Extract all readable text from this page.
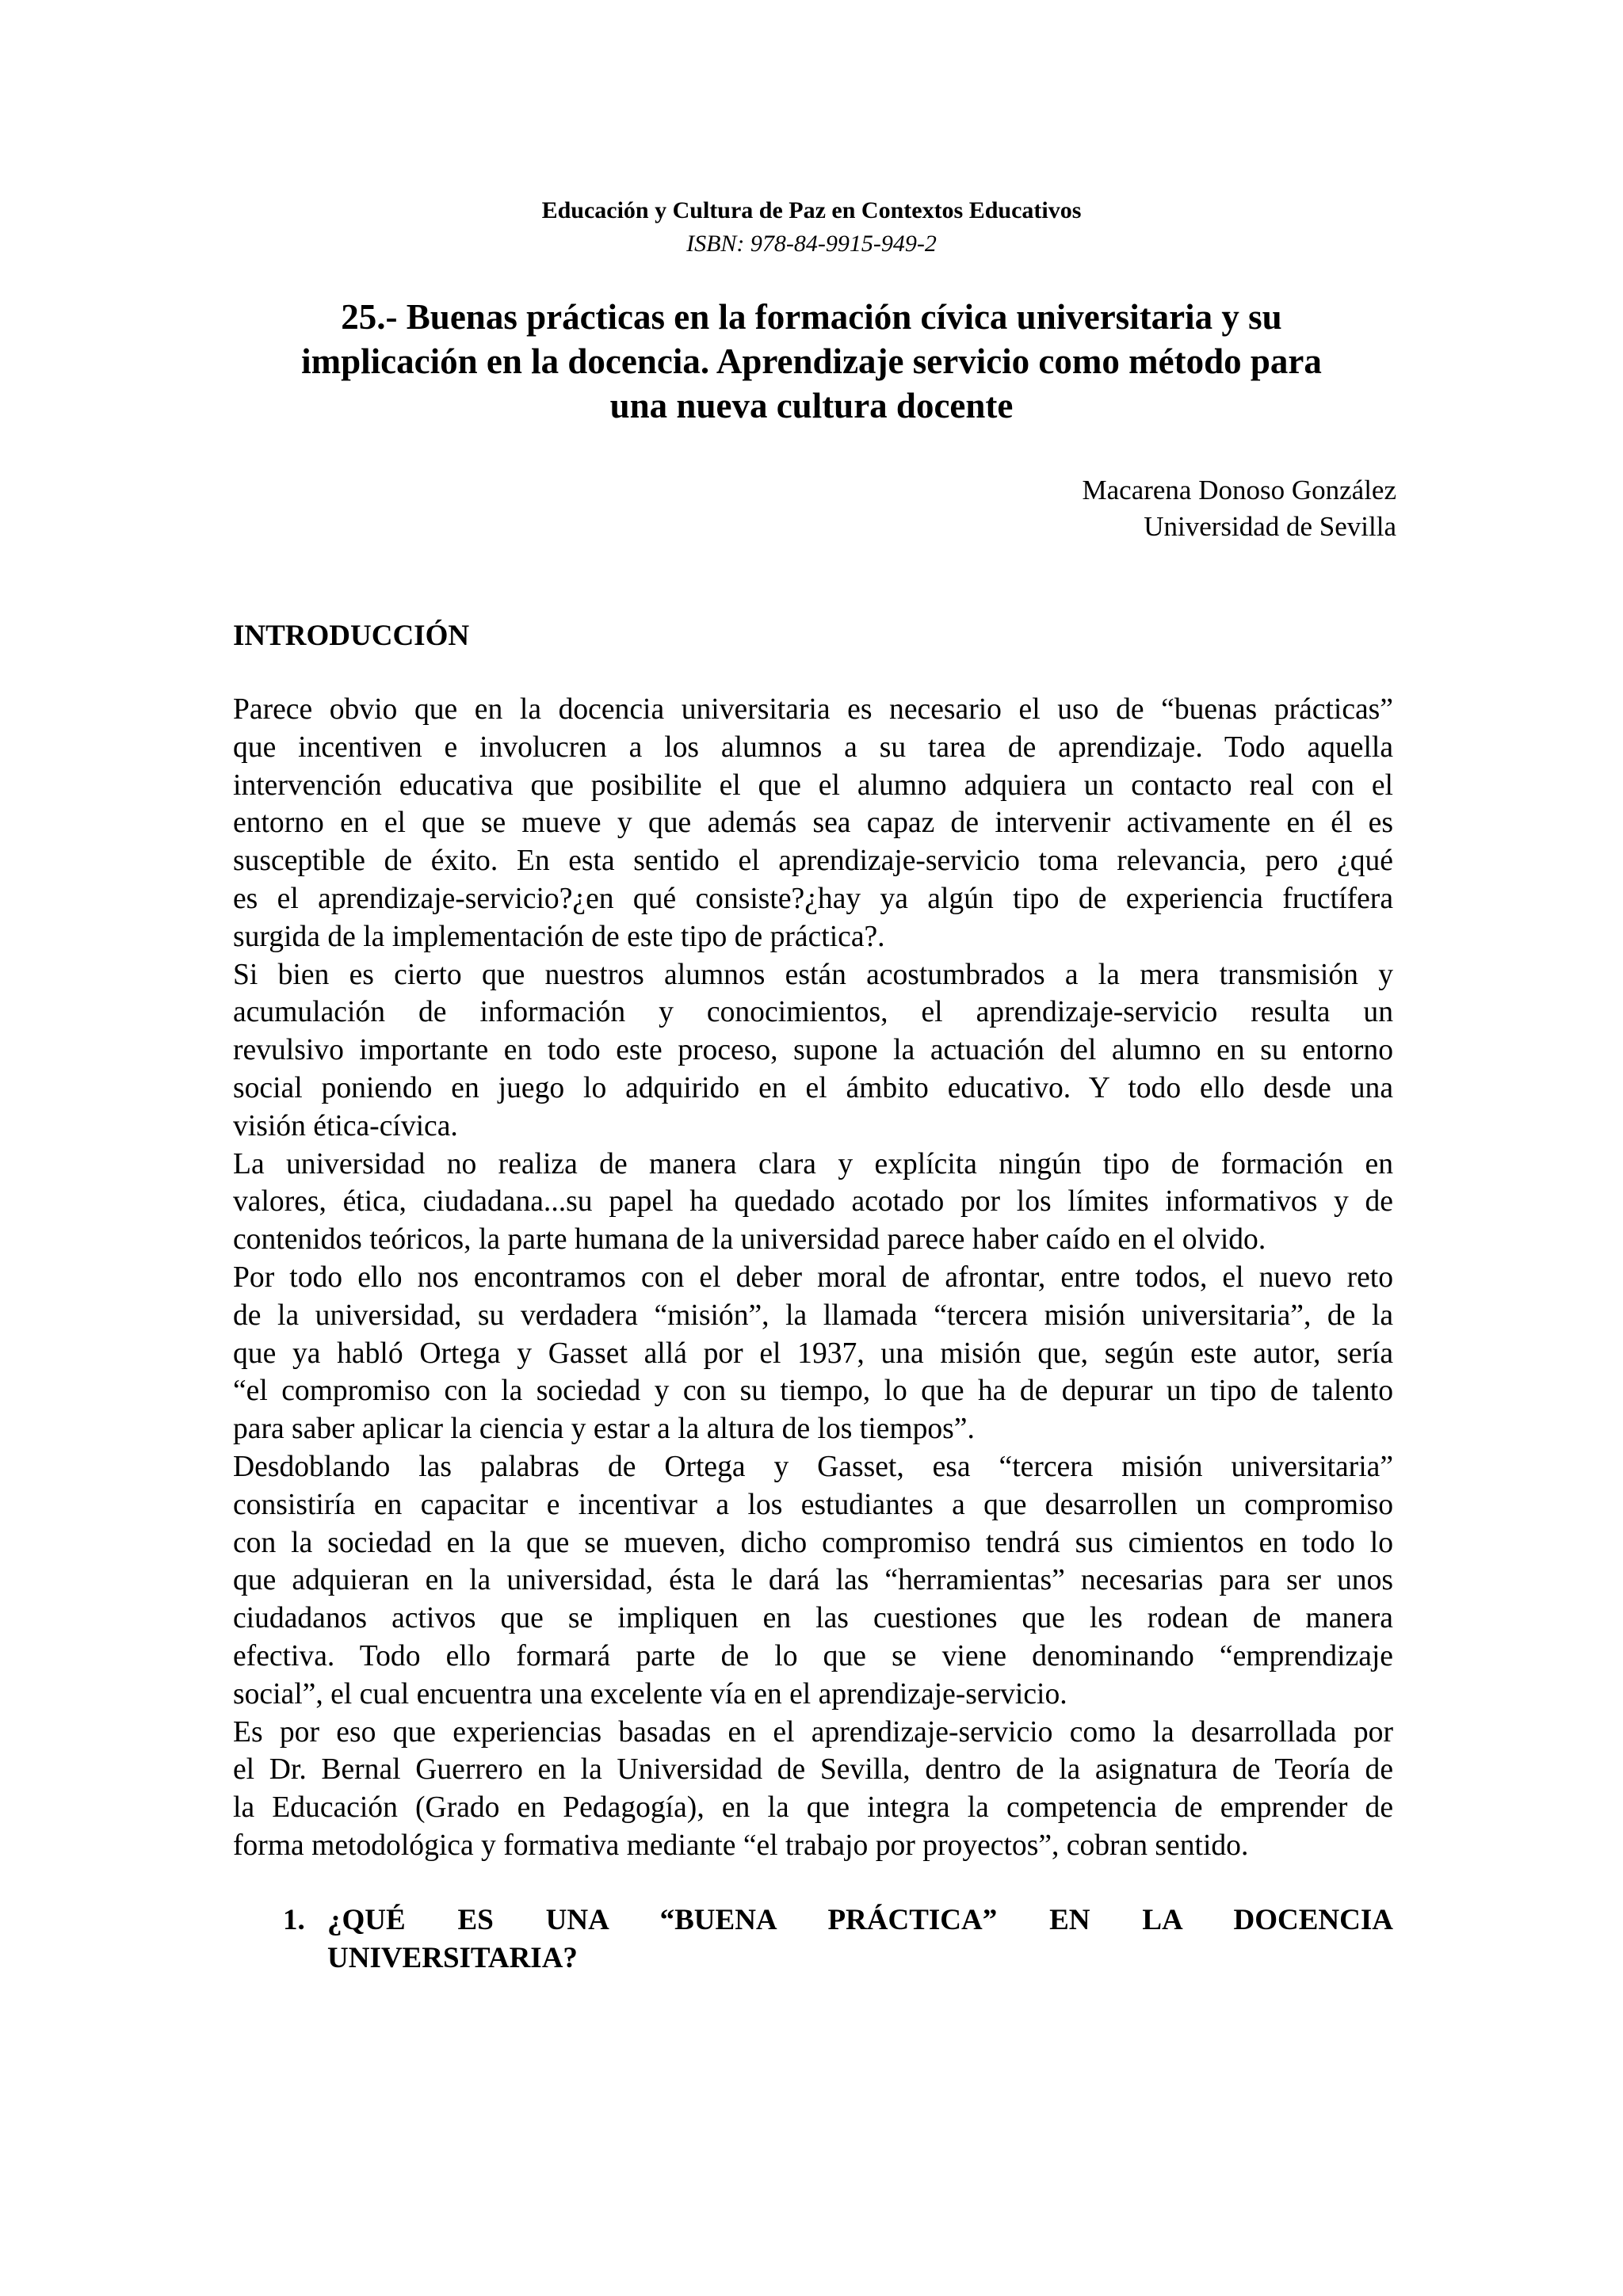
Educación y Cultura de Paz en Contextos Educativos
ISBN: 978-84-9915-949-2
25.- Buenas prácticas en la formación cívica universitaria y su
implicación en la docencia. Aprendizaje servicio como método para
una nueva cultura docente
Macarena Donoso González
Universidad de Sevilla
INTRODUCCIÓN
Parece obvio que en la docencia universitaria es necesario el uso de “buenas prácticas”
que incentiven e involucren a los alumnos a su tarea de aprendizaje. Todo aquella
intervención educativa que posibilite el que el alumno adquiera un contacto real con el
entorno en el que se mueve y que además sea capaz de intervenir activamente en él es
susceptible de éxito. En esta sentido el aprendizaje-servicio toma relevancia, pero ¿qué
es el aprendizaje-servicio?¿en qué consiste?¿hay ya algún tipo de experiencia fructífera
surgida de la implementación de este tipo de práctica?.
Si bien es cierto que nuestros alumnos están acostumbrados a la mera transmisión y
acumulación de información y conocimientos, el aprendizaje-servicio resulta un
revulsivo importante en todo este proceso, supone la actuación del alumno en su entorno
social poniendo en juego lo adquirido en el ámbito educativo. Y todo ello desde una
visión ética-cívica.
La universidad no realiza de manera clara y explícita ningún tipo de formación en
valores, ética, ciudadana...su papel ha quedado acotado por los límites informativos y de
contenidos teóricos, la parte humana de la universidad parece haber caído en el olvido.
Por todo ello nos encontramos con el deber moral de afrontar, entre todos, el nuevo reto
de la universidad, su verdadera “misión”, la llamada “tercera misión universitaria”, de la
que ya habló Ortega y Gasset allá por el 1937, una misión que, según este autor, sería
“el compromiso con la sociedad y con su tiempo, lo que ha de depurar un tipo de talento
para saber aplicar la ciencia y estar a la altura de los tiempos”.
Desdoblando las palabras de Ortega y Gasset, esa “tercera misión universitaria”
consistiría en capacitar e incentivar a los estudiantes a que desarrollen un compromiso
con la sociedad en la que se mueven, dicho compromiso tendrá sus cimientos en todo lo
que adquieran en la universidad, ésta le dará las “herramientas” necesarias para ser unos
ciudadanos activos que se impliquen en las cuestiones que les rodean de manera
efectiva. Todo ello formará parte de lo que se viene denominando “emprendizaje
social”, el cual encuentra una excelente vía en el aprendizaje-servicio.
Es por eso que experiencias basadas en el aprendizaje-servicio como la desarrollada por
el Dr. Bernal Guerrero en la Universidad de Sevilla, dentro de la asignatura de Teoría de
la Educación (Grado en Pedagogía), en la que integra la competencia de emprender de
forma metodológica y formativa mediante “el trabajo por proyectos”, cobran sentido.
1. ¿QUÉ ES UNA “BUENA PRÁCTICA” EN LA DOCENCIA
UNIVERSITARIA?
